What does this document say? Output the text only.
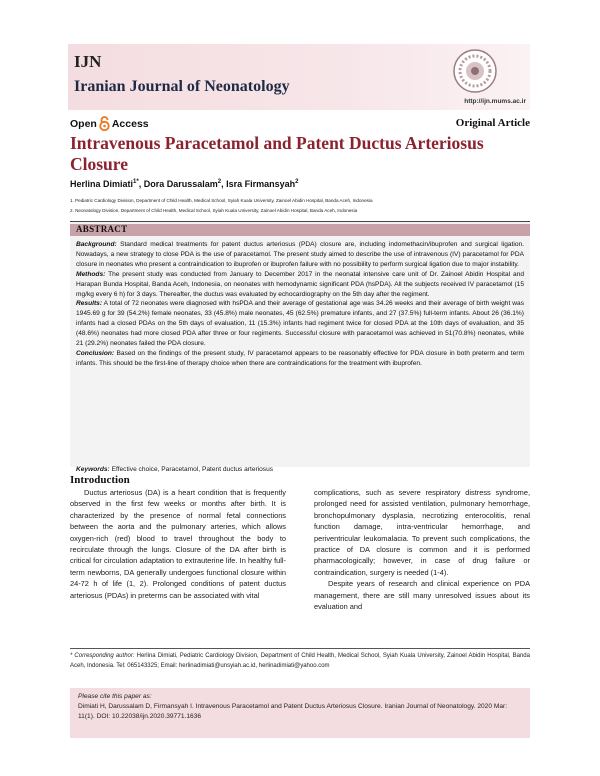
IJN
Iranian Journal of Neonatology
http://ijn.mums.ac.ir
Open Access	Original Article
Intravenous Paracetamol and Patent Ductus Arteriosus Closure
Herlina Dimiati$^{1*}$, Dora Darussalam$^2$, Isra Firmansyah$^2$
1. Pediatric Cardiology Division, Department of Child Health, Medical School, Syiah Kuala University, Zainoel Abidin Hospital, Banda Aceh, Indonesia
2. Neonatology Division, Department of Child Health, Medical School, Syiah Kuala University, Zainoel Abidin Hospital, Banda Aceh, Indonesia
ABSTRACT

Background: Standard medical treatments for patent ductus arteriosus (PDA) closure are, including indomethacin/ibuprofen and surgical ligation. Nowadays, a new strategy to close PDA is the use of paracetamol. The present study aimed to describe the use of intravenous (IV) paracetamol for PDA closure in neonates who present a contraindication to ibuprofen or ibuprofen failure with no possibility to perform surgical ligation due to major instability.

Methods: The present study was conducted from January to December 2017 in the neonatal intensive care unit of Dr. Zainoel Abidin Hospital and Harapan Bunda Hospital, Banda Aceh, Indonesia, on neonates with hemodynamic significant PDA (hsPDA). All the subjects received IV paracetamol (15 mg/kg every 6 h) for 3 days. Thereafter, the ductus was evaluated by echocardiography on the 5th day after the regiment.

Results: A total of 72 neonates were diagnosed with hsPDA and their average of gestational age was 34.26 weeks and their average of birth weight was 1945.69 g for 39 (54.2%) female neonates, 33 (45.8%) male neonates, 45 (62.5%) premature infants, and 27 (37.5%) full-term infants. About 26 (36.1%) infants had a closed PDAs on the 5th days of evaluation, 11 (15.3%) infants had regiment twice for closed PDA at the 10th days of evaluation, and 35 (48.6%) neonates had more closed PDA after three or four regiments. Successful closure with paracetamol was achieved in 51(70.8%) neonates, while 21 (29.2%) neonates failed the PDA closure.

Conclusion: Based on the findings of the present study, IV paracetamol appears to be reasonably effective for PDA closure in both preterm and term infants. This should be the first-line of therapy choice when there are contraindications for the treatment with ibuprofen.

Keywords: Effective choice, Paracetamol, Patent ductus arteriosus
Introduction
Ductus arteriosus (DA) is a heart condition that is frequently observed in the first few weeks or months after birth. It is characterized by the presence of normal fetal connections between the aorta and the pulmonary arteries, which allows oxygen-rich (red) blood to travel throughout the body to recirculate through the lungs. Closure of the DA after birth is critical for circulation adaptation to extrauterine life. In healthy full-term newborns, DA generally undergoes functional closure within 24-72 h of life (1, 2). Prolonged conditions of patent ductus arteriosus (PDAs) in preterms can be associated with vital
complications, such as severe respiratory distress syndrome, prolonged need for assisted ventilation, pulmonary hemorrhage, bronchopulmonary dysplasia, necrotizing enterocolitis, renal function damage, intra-ventricular hemorrhage, and periventricular leukomalacia. To prevent such complications, the practice of DA closure is common and it is performed pharmacologically; however, in case of drug failure or contraindication, surgery is needed (1-4).
Despite years of research and clinical experience on PDA management, there are still many unresolved issues about its evaluation and
* Corresponding author: Herlina Dimiati, Pediatric Cardiology Division, Department of Child Health, Medical School, Syiah Kuala University, Zainoel Abidin Hospital, Banda Aceh, Indonesia. Tel: 065143325; Email: herlinadimiati@unsyiah.ac.id, herlinadimiati@yahoo.com
Please cite this paper as:
Dimiati H, Darussalam D, Firmansyah I. Intravenous Paracetamol and Patent Ductus Arteriosus Closure. Iranian Journal of Neonatology. 2020 Mar: 11(1). DOI: 10.22038/ijn.2020.39771.1636
